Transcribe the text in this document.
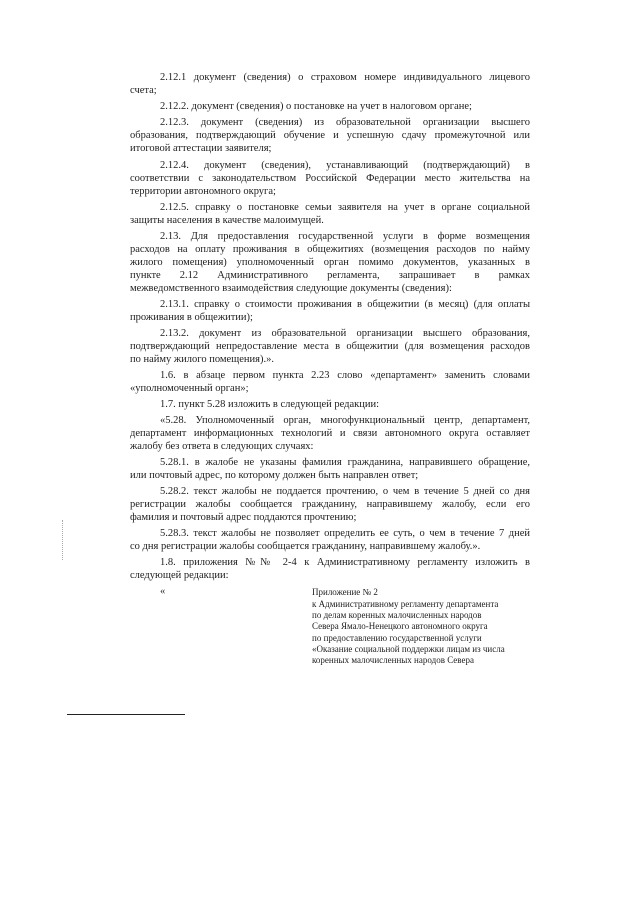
2.12.1 документ (сведения) о страховом номере индивидуального лицевого
счета;
2.12.2. документ (сведения) о постановке на учет в налоговом органе;
2.12.3. документ (сведения) из образовательной организации высшего
образования, подтверждающий обучение и успешную сдачу промежуточной или
итоговой аттестации заявителя;
2.12.4. документ (сведения), устанавливающий (подтверждающий) в
соответствии с законодательством Российской Федерации место жительства на
территории автономного округа;
2.12.5. справку о постановке семьи заявителя на учет в органе социальной
защиты населения в качестве малоимущей.
2.13. Для предоставления государственной услуги в форме возмещения
расходов на оплату проживания в общежитиях (возмещения расходов по найму
жилого помещения) уполномоченный орган помимо документов, указанных в
пункте 2.12 Административного регламента, запрашивает в рамках
межведомственного взаимодействия следующие документы (сведения):
2.13.1. справку о стоимости проживания в общежитии (в месяц) (для оплаты
проживания в общежитии);
2.13.2. документ из образовательной организации высшего образования,
подтверждающий непредоставление места в общежитии (для возмещения расходов
по найму жилого помещения).».
1.6. в абзаце первом пункта 2.23 слово «департамент» заменить словами
«уполномоченный орган»;
1.7. пункт 5.28 изложить в следующей редакции:
«5.28. Уполномоченный орган, многофункциональный центр, департамент,
департамент информационных технологий и связи автономного округа оставляет
жалобу без ответа в следующих случаях:
5.28.1. в жалобе не указаны фамилия гражданина, направившего обращение,
или почтовый адрес, по которому должен быть направлен ответ;
5.28.2. текст жалобы не поддается прочтению, о чем в течение 5 дней со дня
регистрации жалобы сообщается гражданину, направившему жалобу, если его
фамилия и почтовый адрес поддаются прочтению;
5.28.3. текст жалобы не позволяет определить ее суть, о чем в течение 7 дней
со дня регистрации жалобы сообщается гражданину, направившему жалобу.».
1.8. приложения №№ 2-4 к Административному регламенту изложить в
следующей редакции:
«	Приложение № 2
к Административному регламенту департамента
по делам коренных малочисленных народов
Севера Ямало-Ненецкого автономного округа
по предоставлению государственной услуги
«Оказание социальной поддержки лицам из числа
коренных малочисленных народов Севера
